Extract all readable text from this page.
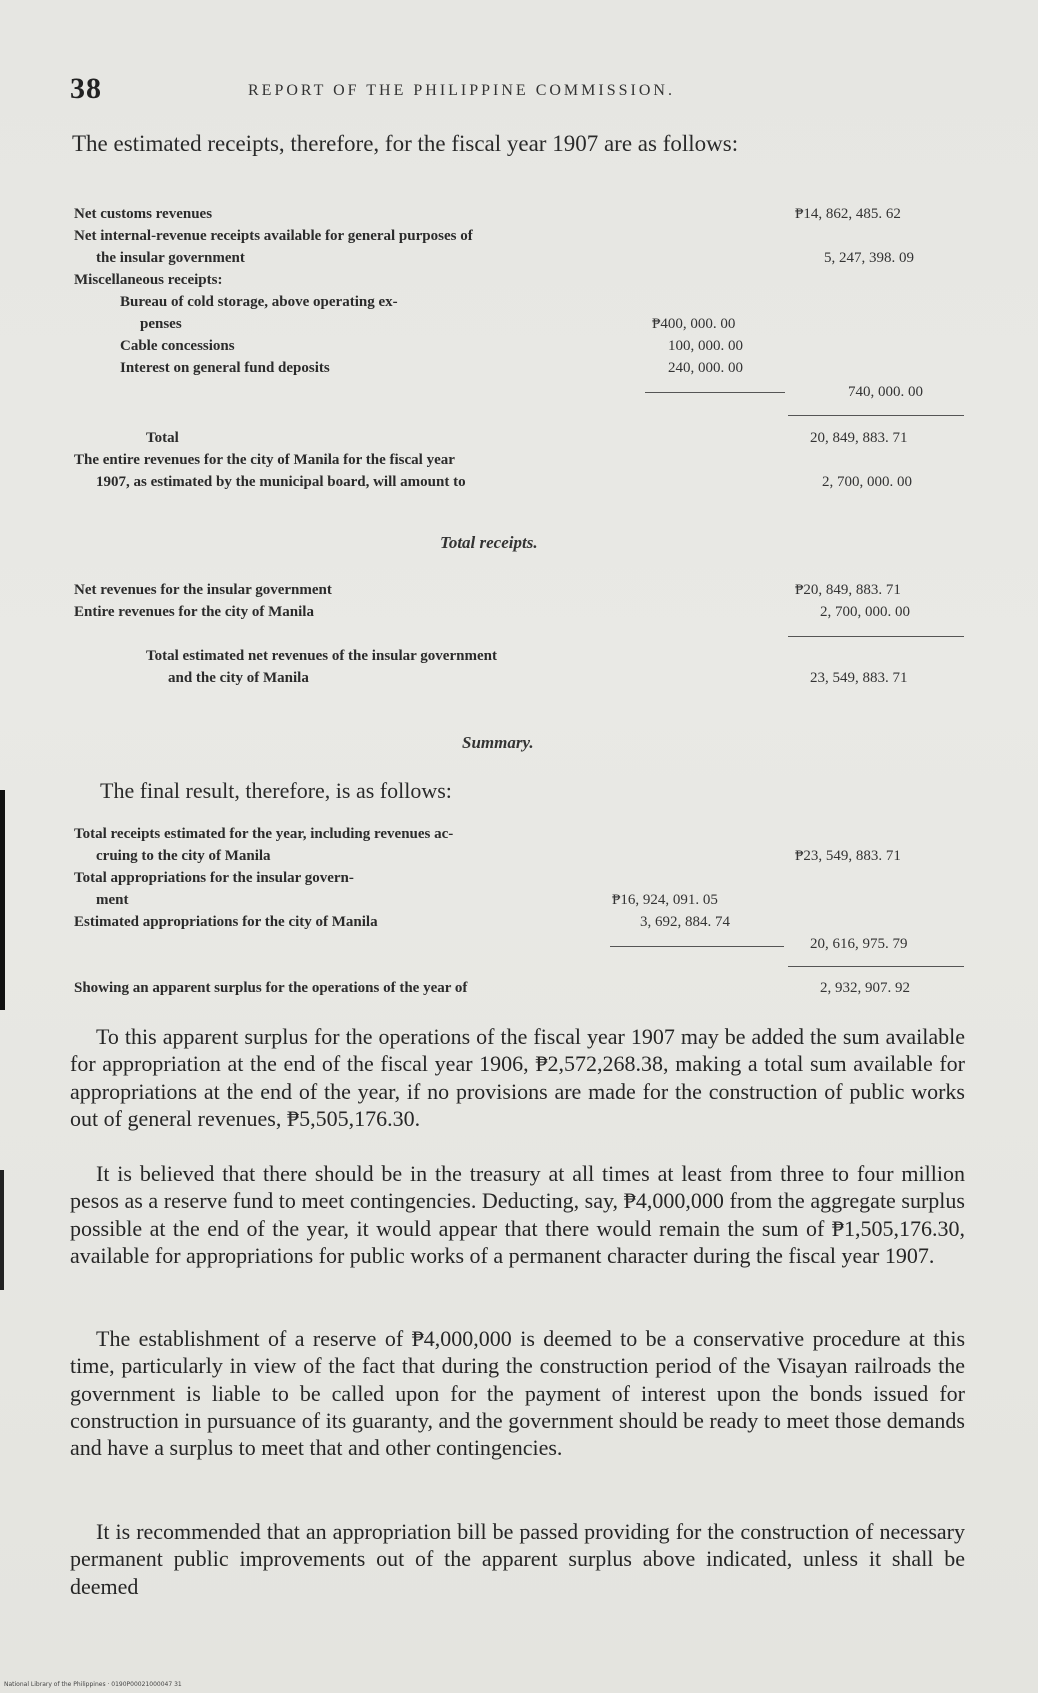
38	REPORT OF THE PHILIPPINE COMMISSION.
The estimated receipts, therefore, for the fiscal year 1907 are as follows:
Net customs revenues	₱14, 862, 485. 62
Net internal-revenue receipts available for general purposes of
the insular government	5, 247, 398. 09
Miscellaneous receipts:
Bureau of cold storage, above operating ex-
penses	₱400, 000. 00
Cable concessions	100, 000. 00
Interest on general fund deposits	240, 000. 00
740, 000. 00
Total	20, 849, 883. 71
The entire revenues for the city of Manila for the fiscal year
1907, as estimated by the municipal board, will amount to	2, 700, 000. 00
Total receipts.
Net revenues for the insular government	₱20, 849, 883. 71
Entire revenues for the city of Manila	2, 700, 000. 00
Total estimated net revenues of the insular government
and the city of Manila	23, 549, 883. 71
Summary.
The final result, therefore, is as follows:
Total receipts estimated for the year, including revenues ac-
cruing to the city of Manila	₱23, 549, 883. 71
Total appropriations for the insular govern-
ment	₱16, 924, 091. 05
Estimated appropriations for the city of Manila	3, 692, 884. 74
20, 616, 975. 79
Showing an apparent surplus for the operations of the year of	2, 932, 907. 92
To this apparent surplus for the operations of the fiscal year 1907 may be added the sum available for appropriation at the end of the fiscal year 1906, ₱2,572,268.38, making a total sum available for appropriations at the end of the year, if no provisions are made for the construction of public works out of general revenues, ₱5,505,176.30.
It is believed that there should be in the treasury at all times at least from three to four million pesos as a reserve fund to meet contingencies. Deducting, say, ₱4,000,000 from the aggregate surplus possible at the end of the year, it would appear that there would remain the sum of ₱1,505,176.30, available for appropriations for public works of a permanent character during the fiscal year 1907.
The establishment of a reserve of ₱4,000,000 is deemed to be a conservative procedure at this time, particularly in view of the fact that during the construction period of the Visayan railroads the government is liable to be called upon for the payment of interest upon the bonds issued for construction in pursuance of its guaranty, and the government should be ready to meet those demands and have a surplus to meet that and other contingencies.
It is recommended that an appropriation bill be passed providing for the construction of necessary permanent public improvements out of the apparent surplus above indicated, unless it shall be deemed
National Library of the Philippines · 0190P00021000047 31
